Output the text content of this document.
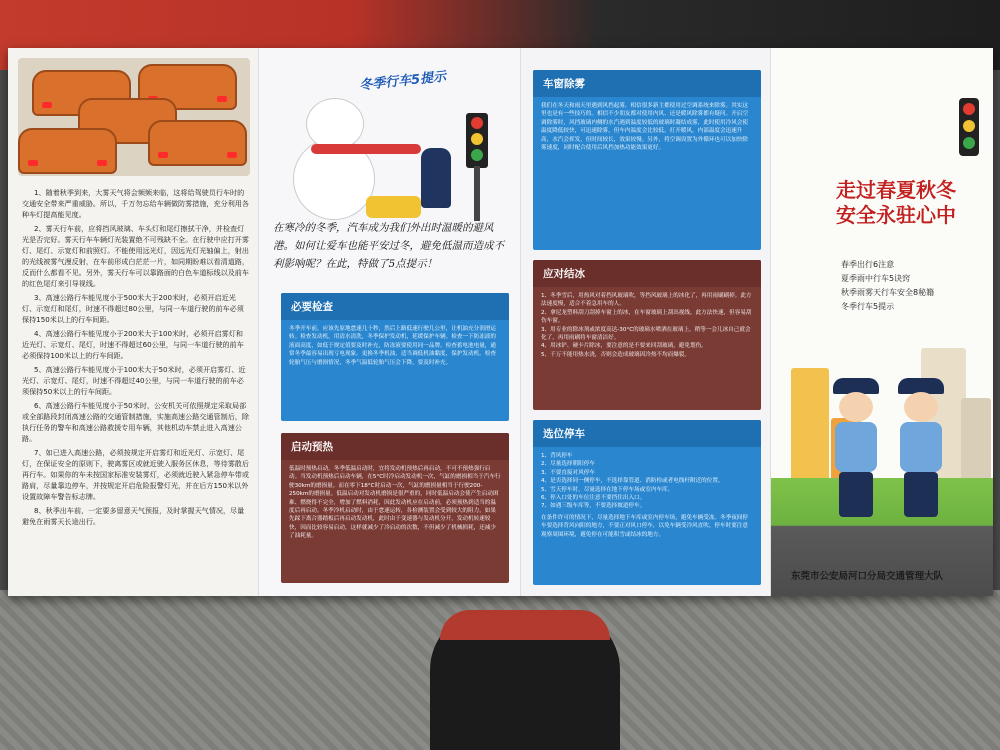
1、随着秋季到来，大雾天气将会频频来临，这将给驾驶员行车时的交通安全带来严重威胁。所以，千万勿忘给车辆做防雾措施，充分利用各种车灯提高能见度。

2、雾天行车前，应将挡风玻璃、车头灯和尾灯擦拭干净，并检查灯光是否完好。雾天行车车辆灯光装置绝不可残缺不全。在行驶中应打开雾灯、尾灯、示宽灯和前照灯。不能使用远光灯，因远光灯光轴偏上，射出的光线被雾气漫反射，在车前形成白茫茫一片，如同期盼难以看清道路，反而什么都看不见。另外，雾天行车可以靠路面的白色车道标线以及前车的红色尾灯来引导视线。

3、高速公路行车能见度小于500米大于200米时，必须开启近光灯、示宽灯和尾灯，时速不得超过80公里，与同一车道行驶的前车必须保持150米以上的行车间距。

4、高速公路行车能见度小于200米大于100米时，必须开启雾灯和近光灯、示宽灯、尾灯，时速不得超过60公里，与同一车道行驶的前车必须保持100米以上的行车间距。

5、高速公路行车能见度小于100米大于50米时，必须开启雾灯、近光灯、示宽灯、尾灯，时速不得超过40公里，与同一车道行驶的前车必须保持50米以上的行车间距。

6、高速公路行车能见度小于50米时，公安机关可依照规定采取局部或全部路段封闭高速公路的交通管制措施，实施高速公路交通管制后，除执行任务的警车和高速公路救援专用车辆，其他机动车禁止进入高速公路。

7、如已进入高速公路，必须按规定开启雾灯和近光灯、示宽灯、尾灯，在保证安全的原则下，驶离雾区或就近驶入服务区休息，等待雾散后再行车。如果你的车未按国家标准安装雾灯，必须就近驶入紧急停车带或路肩，尽量靠边停车，并按规定开启危险报警灯光，并在后方150米以外设置故障车警告标志牌。

8、秋季出车前，一定要多留意天气预报，及时掌握天气情况，尽量避免在雨雾天长途出行。

冬季行车5提示
在寒冷的冬季，汽车成为我们外出时温暖的避风港。如何让爱车也能平安过冬，避免低温而造成不利影响呢？在此，特做了5点提示！
必要检查
冬季开车前，应该先原地怠速几十秒，然后上路低速行驶几公里，让机油充分润滑运转。检查发动机，用清水清洗，冬季保护发动机，延缓保护车辆。检查一下防冻液的液面高度，如低于规定值要及时补充，防冻液要使用同一品牌。检查蓄电池电量，通常冬季最容易出现亏电现象。更换冬季机油，适当调低机油黏度，保护发动机。检查轮胎气压与磨损情况，冬季气温低轮胎气压会下降，要及时补充。
启动预热
低温时预热启动。冬季低温启动时，宜将发动机预热后再启动，不可不预热强行启动。当发动机预热后启动车辆，在5°C时冷启动发动机一次，气缸的磨损相当于汽车行驶30km的磨损量。而在零下18°C时启动一次，气缸的磨损量相当于行驶200-250km的磨损量。低温启动对发动机磨损是很严重的，同时低温启动会使产生启动困难、燃烧得不完全，增加了燃料消耗，因此发动机应在启动前，必须预热到适当的温度后再启动。冬季冷机启动时，由于怠速运转，各检测装置会受到较大的阻力，如果先踩下离合器踏板后再启动发动机，此时由于变速器与发动机分开，发动机转速较快，因而比较容易启动，这样就减少了冷启动的次数，不但减少了机械损耗，还减少了油耗量。
车窗除雾
我们在冬天和雨天里遇到风挡起雾，相信很多新主都使用过空调系统来除雾。其实这里也是有一些技巧的。相信不少朋友都对使用内风、还是暖风除雾都有疑问。开启空调除雾时，风挡玻璃内侧的水汽遇到温度较低的玻璃时凝结成雾，此时使用冷风会使温度降低较快，可迅速除雾，但车内温度会比较低。打开暖风，内部温度会迅速升高，水汽会挥发，但时间较长，效果较慢。另外，将空调设置为外循环也可以加快除雾速度，同时配合使用后风挡加热功能效果更好。
应对结冰
1、冬季雪后，用热风对着挡风玻璃吹，等挡风玻璃上的冰化了，再用雨刷刷掉。此方法速度慢，适合不着急用车的人。
2、拿尼龙塑料刮刀刮掉车窗上的冰，在车窗玻璃上刮出视线，此方法快速，但容易刮伤车窗。
3、用专业的除冰剂或浓度高达-30°C的玻璃水喷洒在玻璃上，稍等一会儿冰自己就会化了，再用雨刷将车窗清洁好。
4、用冰铲、硬卡片除冰，要注意的是不要来回刮玻璃，避免划伤。
5、千万不能用热水浇，否则会造成玻璃因冷热不均而爆裂。
选位停车
1、背风停车
2、尽量选择朝阳停车
3、不要直接对风停车
4、是否选择同一侧停车，不选择靠管道、消防栓或者电线杆附近的位置。
5、雪天停车时，尽量选择在地下停车场或室内车库。
6、停入口处的车位注意不要挡住出入口。
7、如遇三级车库等，不要选择坡道停车。
在条件许可的情况下，尽量选择地下车库或室内停车场，避免车辆受冻。冬季夜间停车要选择背风向阳的地方，不要正对风口停车，以免车辆受冷风直吹。停车时要注意观察周围环境，避免停在可能积雪或结冰的地方。
走过春夏秋冬
安全永驻心中
春季出行6注意
夏季雨中行车5诀窍
秋季雨雾天行车安全8秘籍
冬季行车5提示
东莞市公安局河口分局交通管理大队
